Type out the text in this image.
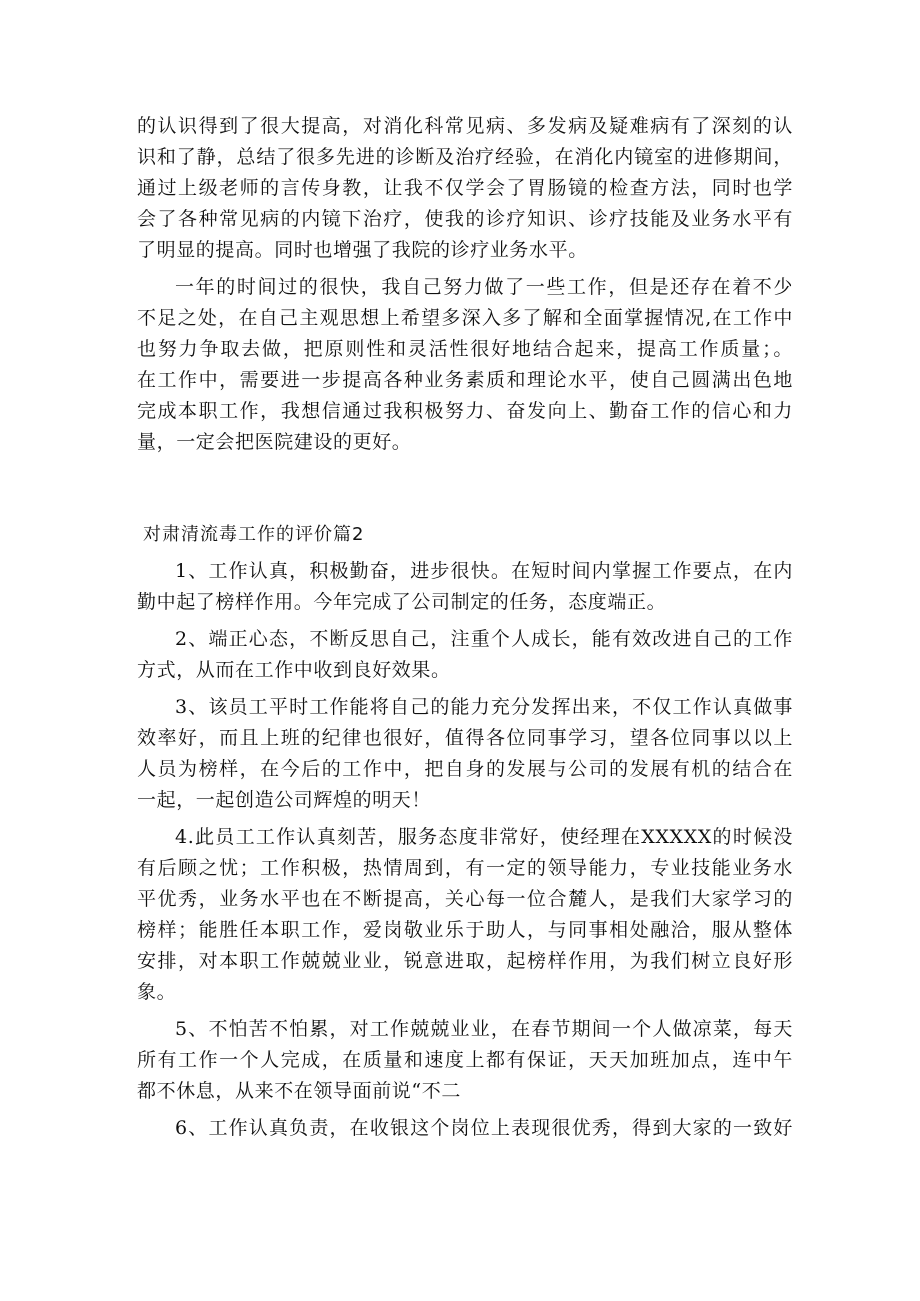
的认识得到了很大提高，对消化科常见病、多发病及疑难病有了深刻的认
识和了静，总结了很多先进的诊断及治疗经验，在消化内镜室的进修期间，
通过上级老师的言传身教，让我不仅学会了胃肠镜的检查方法，同时也学
会了各种常见病的内镜下治疗，使我的诊疗知识、诊疗技能及业务水平有
了明显的提高。同时也增强了我院的诊疗业务水平。
一年的时间过的很快，我自己努力做了一些工作，但是还存在着不少
不足之处，在自己主观思想上希望多深入多了解和全面掌握情况,在工作中
也努力争取去做，把原则性和灵活性很好地结合起来，提高工作质量；。
在工作中，需要进一步提高各种业务素质和理论水平，使自己圆满出色地
完成本职工作，我想信通过我积极努力、奋发向上、勤奋工作的信心和力
量，一定会把医院建设的更好。
对肃清流毒工作的评价篇2
1、工作认真，积极勤奋，进步很快。在短时间内掌握工作要点，在内
勤中起了榜样作用。今年完成了公司制定的任务，态度端正。
2、端正心态，不断反思自己，注重个人成长，能有效改进自己的工作
方式，从而在工作中收到良好效果。
3、该员工平时工作能将自己的能力充分发挥出来，不仅工作认真做事
效率好，而且上班的纪律也很好，值得各位同事学习，望各位同事以以上
人员为榜样，在今后的工作中，把自身的发展与公司的发展有机的结合在
一起，一起创造公司辉煌的明天！
4.此员工工作认真刻苦，服务态度非常好，使经理在XXXXX的时候没
有后顾之忧；工作积极，热情周到，有一定的领导能力，专业技能业务水
平优秀，业务水平也在不断提高，关心每一位合麓人，是我们大家学习的
榜样；能胜任本职工作，爱岗敬业乐于助人，与同事相处融洽，服从整体
安排，对本职工作兢兢业业，锐意进取，起榜样作用，为我们树立良好形
象。
5、不怕苦不怕累，对工作兢兢业业，在春节期间一个人做凉菜，每天
所有工作一个人完成，在质量和速度上都有保证，天天加班加点，连中午
都不休息，从来不在领导面前说“不二
6、工作认真负责，在收银这个岗位上表现很优秀，得到大家的一致好
